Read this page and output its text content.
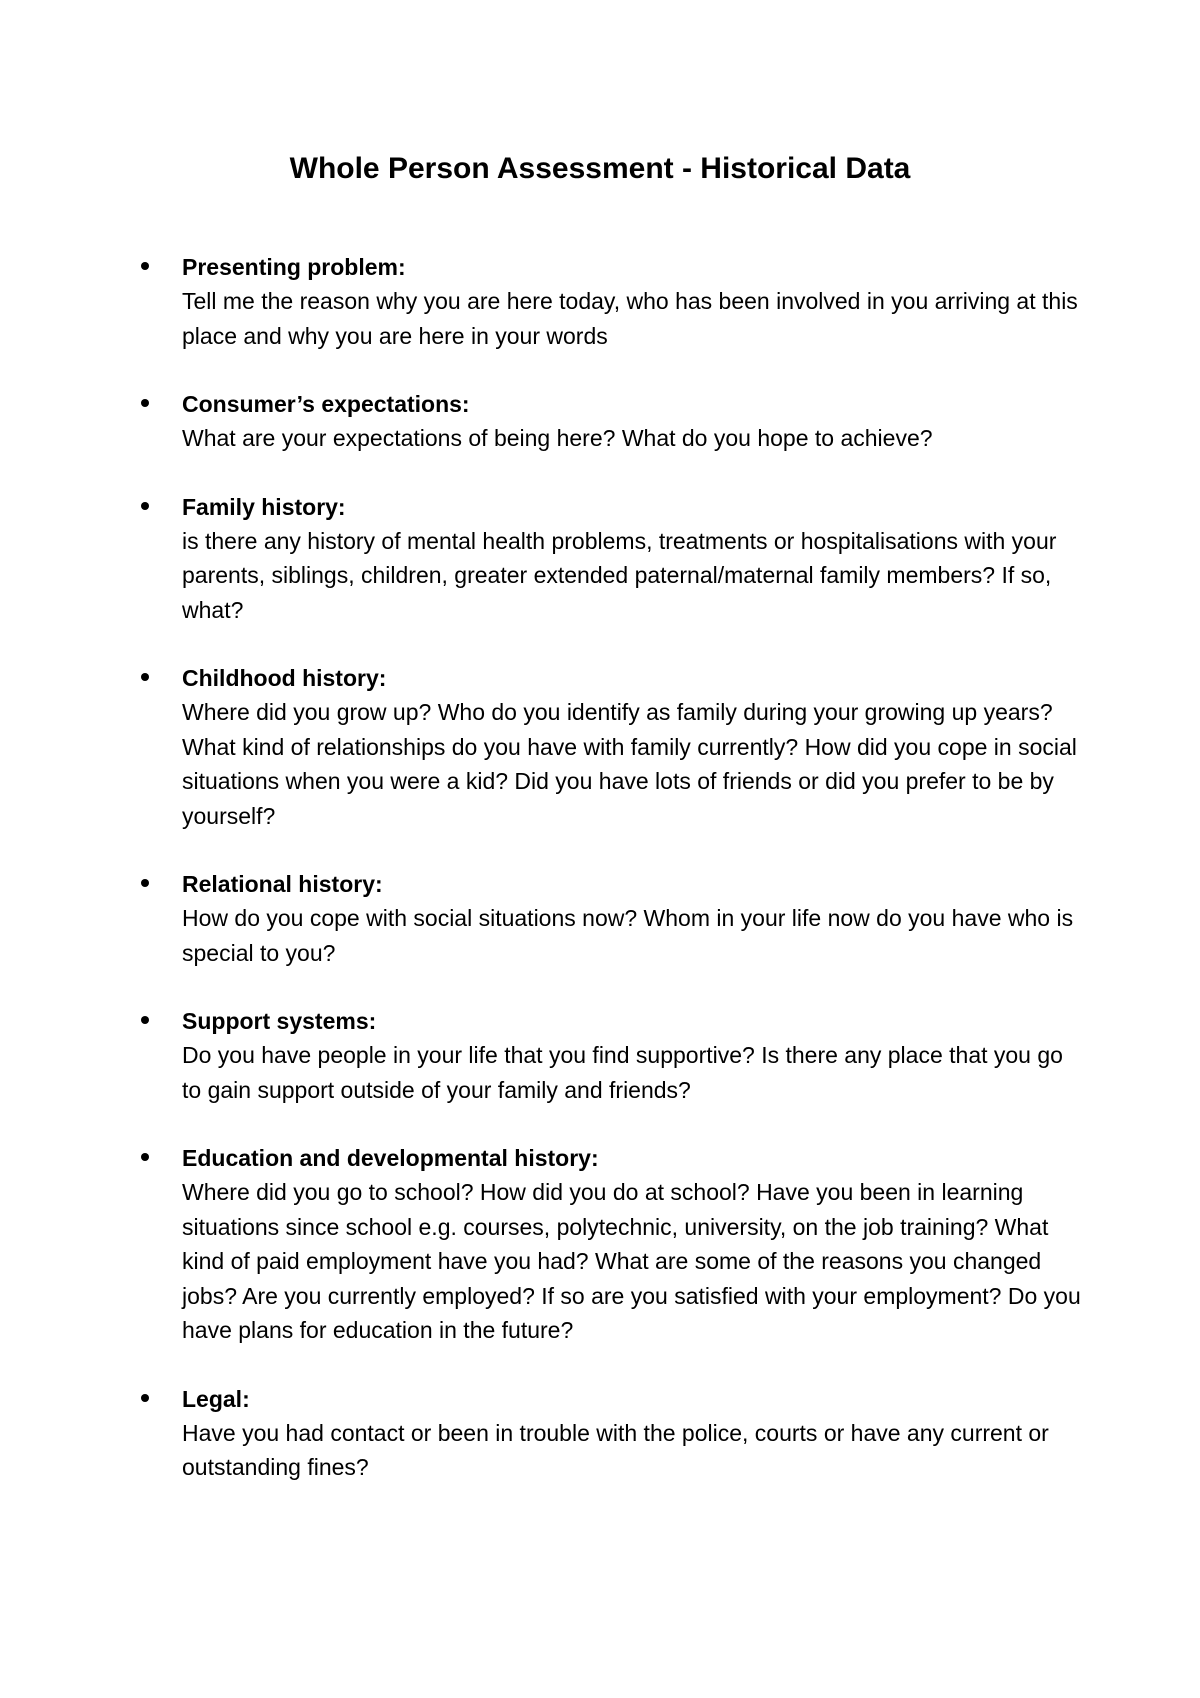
Whole Person Assessment - Historical Data
Presenting problem:
Tell me the reason why you are here today, who has been involved in you arriving at this place and why you are here in your words
Consumer’s expectations:
What are your expectations of being here? What do you hope to achieve?
Family history:
is there any history of mental health problems, treatments or hospitalisations with your parents, siblings, children, greater extended paternal/maternal family members? If so, what?
Childhood history:
Where did you grow up? Who do you identify as family during your growing up years? What kind of relationships do you have with family currently? How did you cope in social situations when you were a kid? Did you have lots of friends or did you prefer to be by yourself?
Relational history:
How do you cope with social situations now? Whom in your life now do you have who is special to you?
Support systems:
Do you have people in your life that you find supportive? Is there any place that you go to gain support outside of your family and friends?
Education and developmental history:
Where did you go to school? How did you do at school? Have you been in learning situations since school e.g. courses, polytechnic, university, on the job training? What kind of paid employment have you had? What are some of the reasons you changed jobs? Are you currently employed? If so are you satisfied with your employment? Do you have plans for education in the future?
Legal:
Have you had contact or been in trouble with the police, courts or have any current or outstanding fines?
